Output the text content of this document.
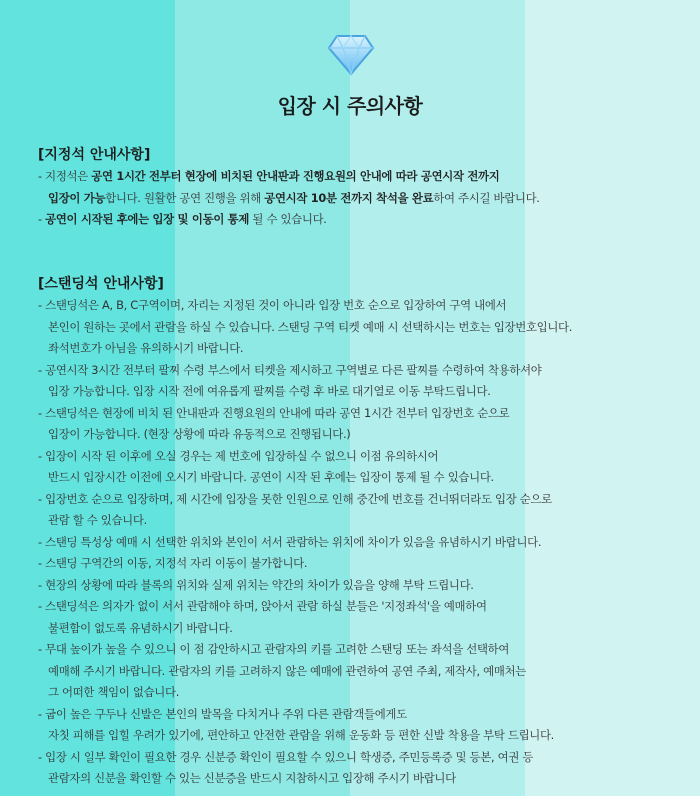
입장 시 주의사항
[지정석 안내사항]
- 지정석은 공연 1시간 전부터 현장에 비치된 안내판과 진행요원의 안내에 따라 공연시작 전까지
입장이 가능합니다. 원활한 공연 진행을 위해 공연시작 10분 전까지 착석을 완료하여 주시길 바랍니다.
- 공연이 시작된 후에는 입장 및 이동이 통제 될 수 있습니다.
[스탠딩석 안내사항]
- 스탠딩석은 A, B, C구역이며, 자리는 지정된 것이 아니라 입장 번호 순으로 입장하여 구역 내에서
본인이 원하는 곳에서 관람을 하실 수 있습니다. 스탠딩 구역 티켓 예매 시 선택하시는 번호는 입장번호입니다.
좌석번호가 아님을 유의하시기 바랍니다.
- 공연시작 3시간 전부터 팔찌 수령 부스에서 티켓을 제시하고 구역별로 다른 팔찌를 수령하여 착용하셔야
입장 가능합니다. 입장 시작 전에 여유롭게 팔찌를 수령 후 바로 대기열로 이동 부탁드립니다.
- 스탠딩석은 현장에 비치 된 안내판과 진행요원의 안내에 따라 공연 1시간 전부터 입장번호 순으로
입장이 가능합니다. (현장 상황에 따라 유동적으로 진행됩니다.)
- 입장이 시작 된 이후에 오실 경우는 제 번호에 입장하실 수 없으니 이점 유의하시어
반드시 입장시간 이전에 오시기 바랍니다. 공연이 시작 된 후에는 입장이 통제 될 수 있습니다.
- 입장번호 순으로 입장하며, 제 시간에 입장을 못한 인원으로 인해 중간에 번호를 건너뛰더라도 입장 순으로
관람 할 수 있습니다.
- 스탠딩 특성상 예매 시 선택한 위치와 본인이 서서 관람하는 위치에 차이가 있음을 유념하시기 바랍니다.
- 스탠딩 구역간의 이동, 지정석 자리 이동이 불가합니다.
- 현장의 상황에 따라 블록의 위치와 실제 위치는 약간의 차이가 있음을 양해 부탁 드립니다.
- 스탠딩석은 의자가 없이 서서 관람해야 하며, 앉아서 관람 하실 분들은 '지정좌석'을 예매하여
불편함이 없도록 유념하시기 바랍니다.
- 무대 높이가 높을 수 있으니 이 점 감안하시고 관람자의 키를 고려한 스탠딩 또는 좌석을 선택하여
예매해 주시기 바랍니다. 관람자의 키를 고려하지 않은 예매에 관련하여 공연 주최, 제작사, 예매처는
그 어떠한 책임이 없습니다.
- 굽이 높은 구두나 신발은 본인의 발목을 다치거나 주위 다른 관람객들에게도
자칫 피해를 입힐 우려가 있기에, 편안하고 안전한 관람을 위해 운동화 등 편한 신발 착용을 부탁 드립니다.
- 입장 시 일부 확인이 필요한 경우 신분증 확인이 필요할 수 있으니 학생증, 주민등록증 및 등본, 여권 등
관람자의 신분을 확인할 수 있는 신분증을 반드시 지참하시고 입장해 주시기 바랍니다
